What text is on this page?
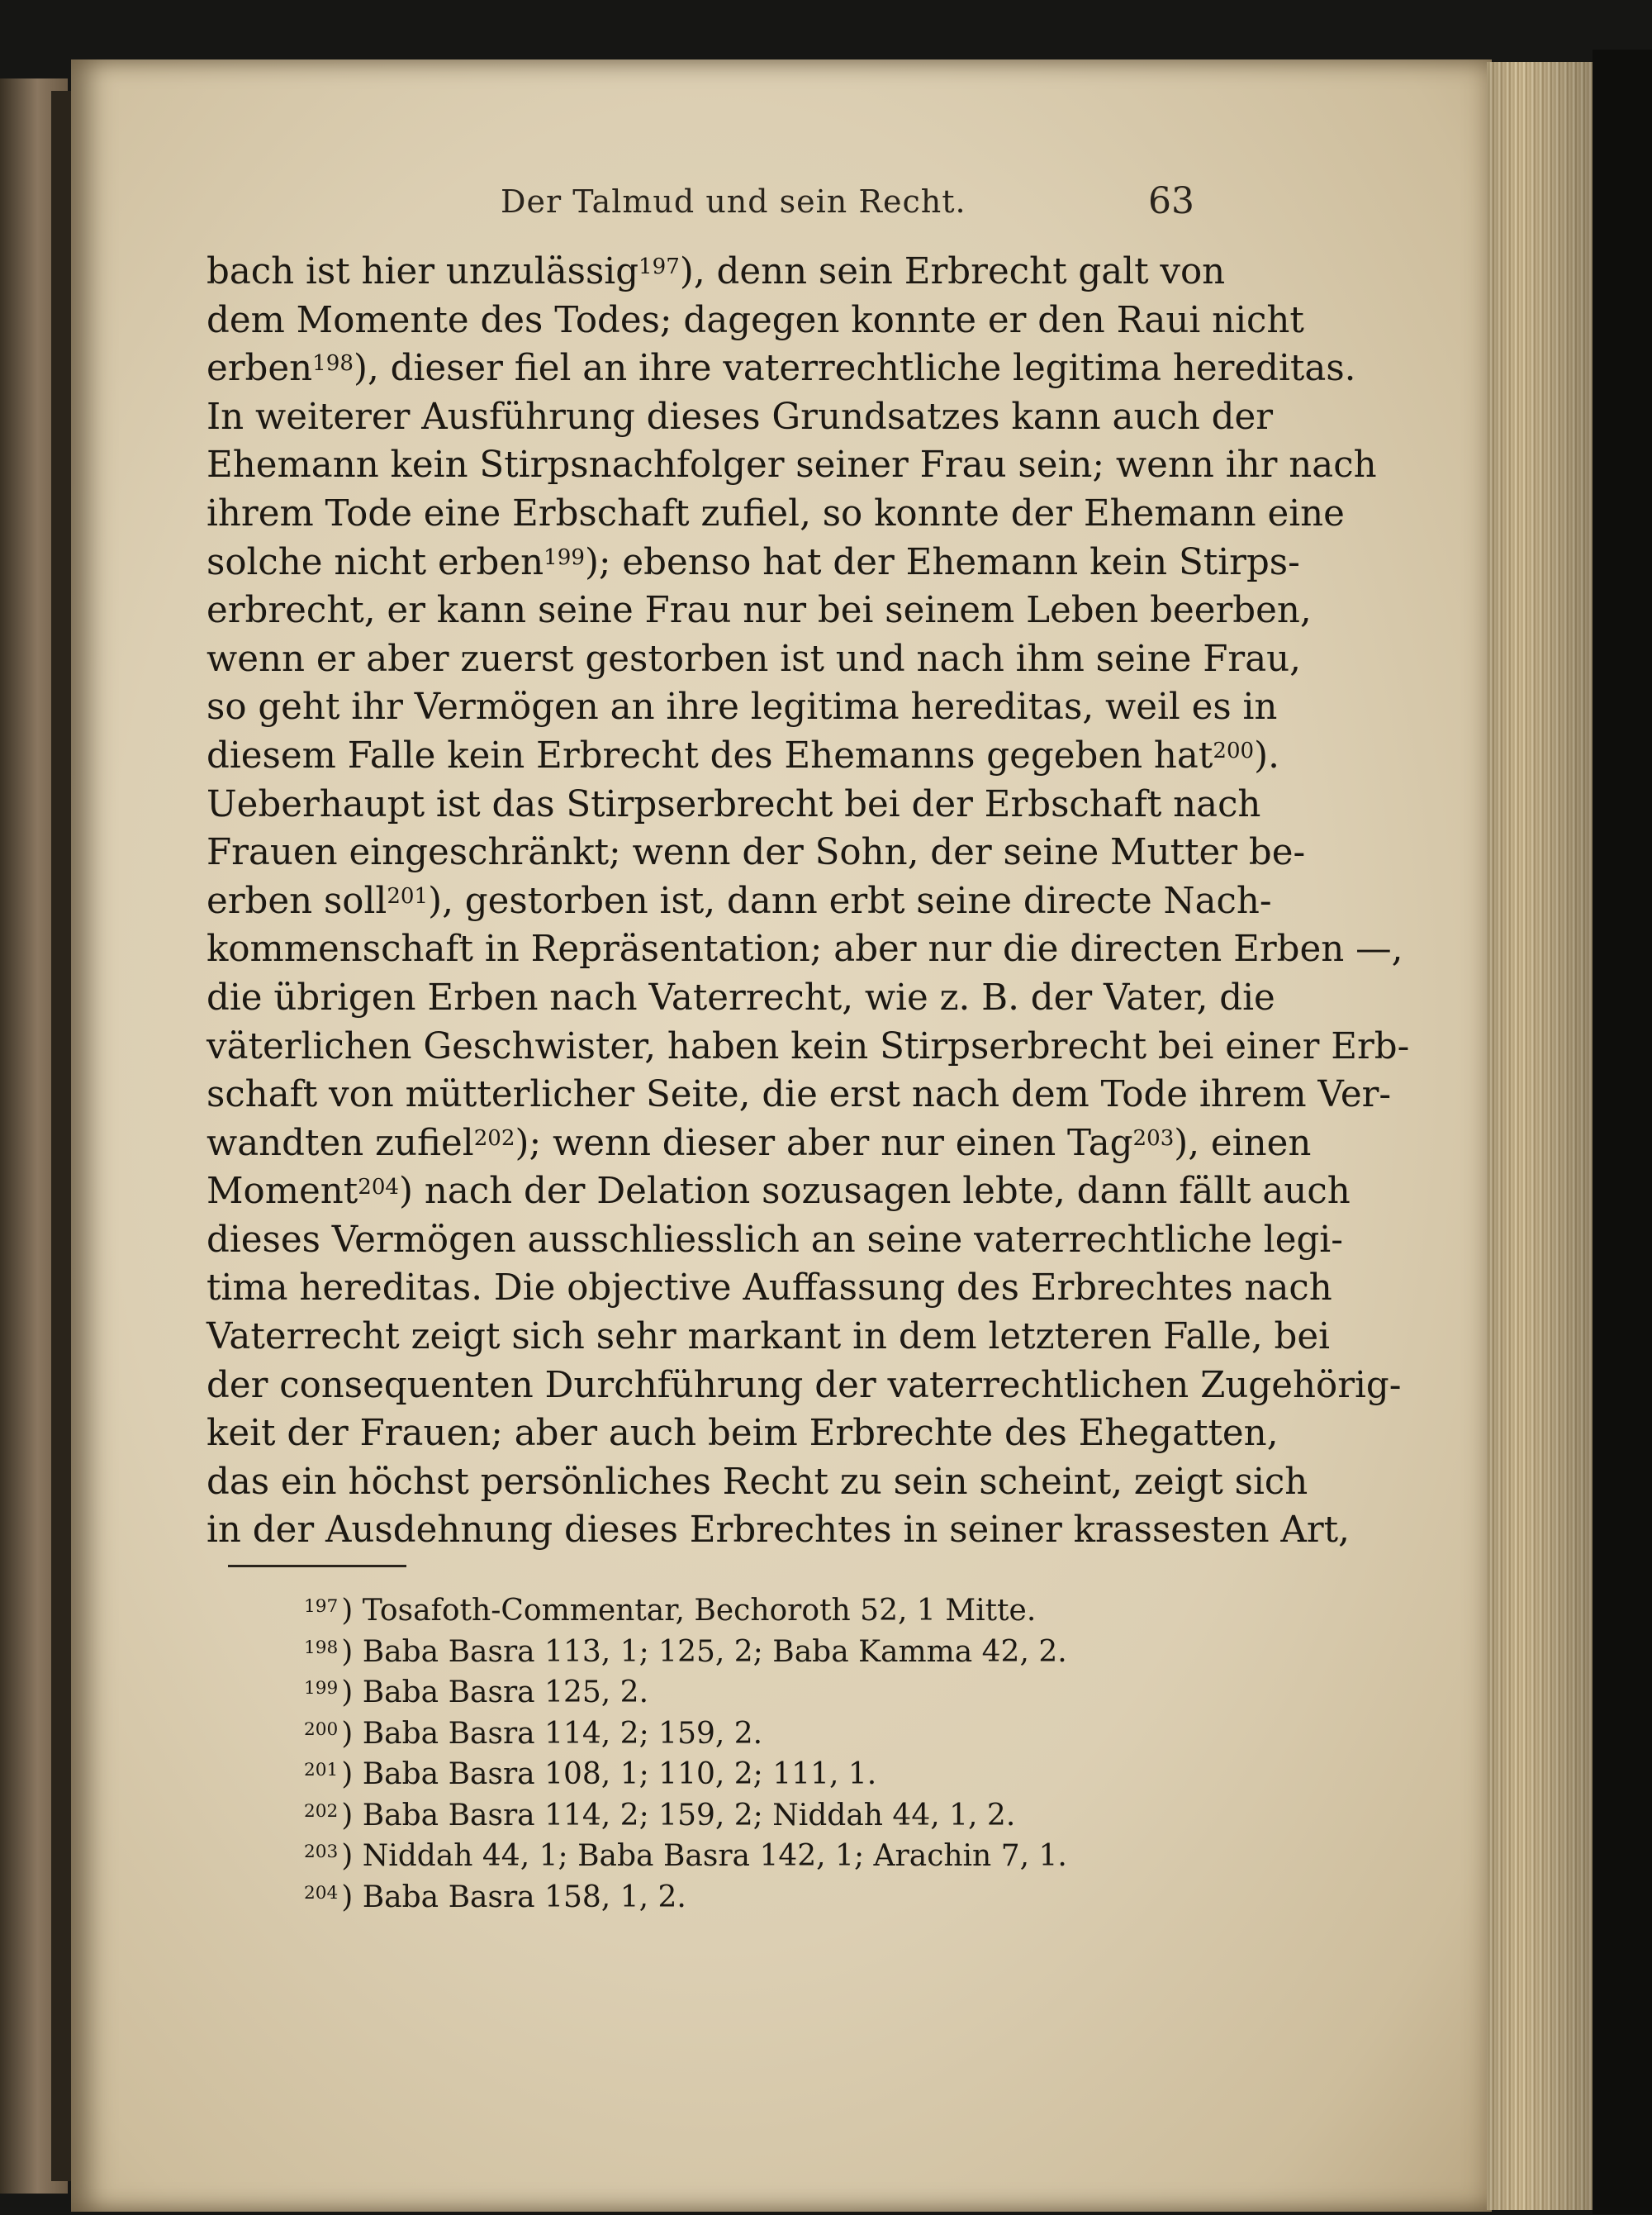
Der Talmud und sein Recht.	63
bach ist hier unzulässig$^{197}$), denn sein Erbrecht galt von
dem Momente des Todes; dagegen konnte er den Raui nicht
erben$^{198}$), dieser fiel an ihre vaterrechtliche legitima hereditas.
In weiterer Ausführung dieses Grundsatzes kann auch der
Ehemann kein Stirpsnachfolger seiner Frau sein; wenn ihr nach
ihrem Tode eine Erbschaft zufiel, so konnte der Ehemann eine
solche nicht erben$^{199}$); ebenso hat der Ehemann kein Stirps-
erbrecht, er kann seine Frau nur bei seinem Leben beerben,
wenn er aber zuerst gestorben ist und nach ihm seine Frau,
so geht ihr Vermögen an ihre legitima hereditas, weil es in
diesem Falle kein Erbrecht des Ehemanns gegeben hat$^{200}$).
Ueberhaupt ist das Stirpserbrecht bei der Erbschaft nach
Frauen eingeschränkt; wenn der Sohn, der seine Mutter be-
erben soll$^{201}$), gestorben ist, dann erbt seine directe Nach-
kommenschaft in Repräsentation; aber nur die directen Erben —,
die übrigen Erben nach Vaterrecht, wie z. B. der Vater, die
väterlichen Geschwister, haben kein Stirpserbrecht bei einer Erb-
schaft von mütterlicher Seite, die erst nach dem Tode ihrem Ver-
wandten zufiel$^{202}$); wenn dieser aber nur einen Tag$^{203}$), einen
Moment$^{204}$) nach der Delation sozusagen lebte, dann fällt auch
dieses Vermögen ausschliesslich an seine vaterrechtliche legi-
tima hereditas. Die objective Auffassung des Erbrechtes nach
Vaterrecht zeigt sich sehr markant in dem letzteren Falle, bei
der consequenten Durchführung der vaterrechtlichen Zugehörig-
keit der Frauen; aber auch beim Erbrechte des Ehegatten,
das ein höchst persönliches Recht zu sein scheint, zeigt sich
in der Ausdehnung dieses Erbrechtes in seiner krassesten Art,
$^{197}$ ) Tosafoth-Commentar, Bechoroth 52, 1 Mitte.
$^{198}$ ) Baba Basra 113, 1; 125, 2; Baba Kamma 42, 2.
$^{199}$ ) Baba Basra 125, 2.
$^{200}$ ) Baba Basra 114, 2; 159, 2.
$^{201}$ ) Baba Basra 108, 1; 110, 2; 111, 1.
$^{202}$ ) Baba Basra 114, 2; 159, 2; Niddah 44, 1, 2.
$^{203}$ ) Niddah 44, 1; Baba Basra 142, 1; Arachin 7, 1.
$^{204}$ ) Baba Basra 158, 1, 2.
